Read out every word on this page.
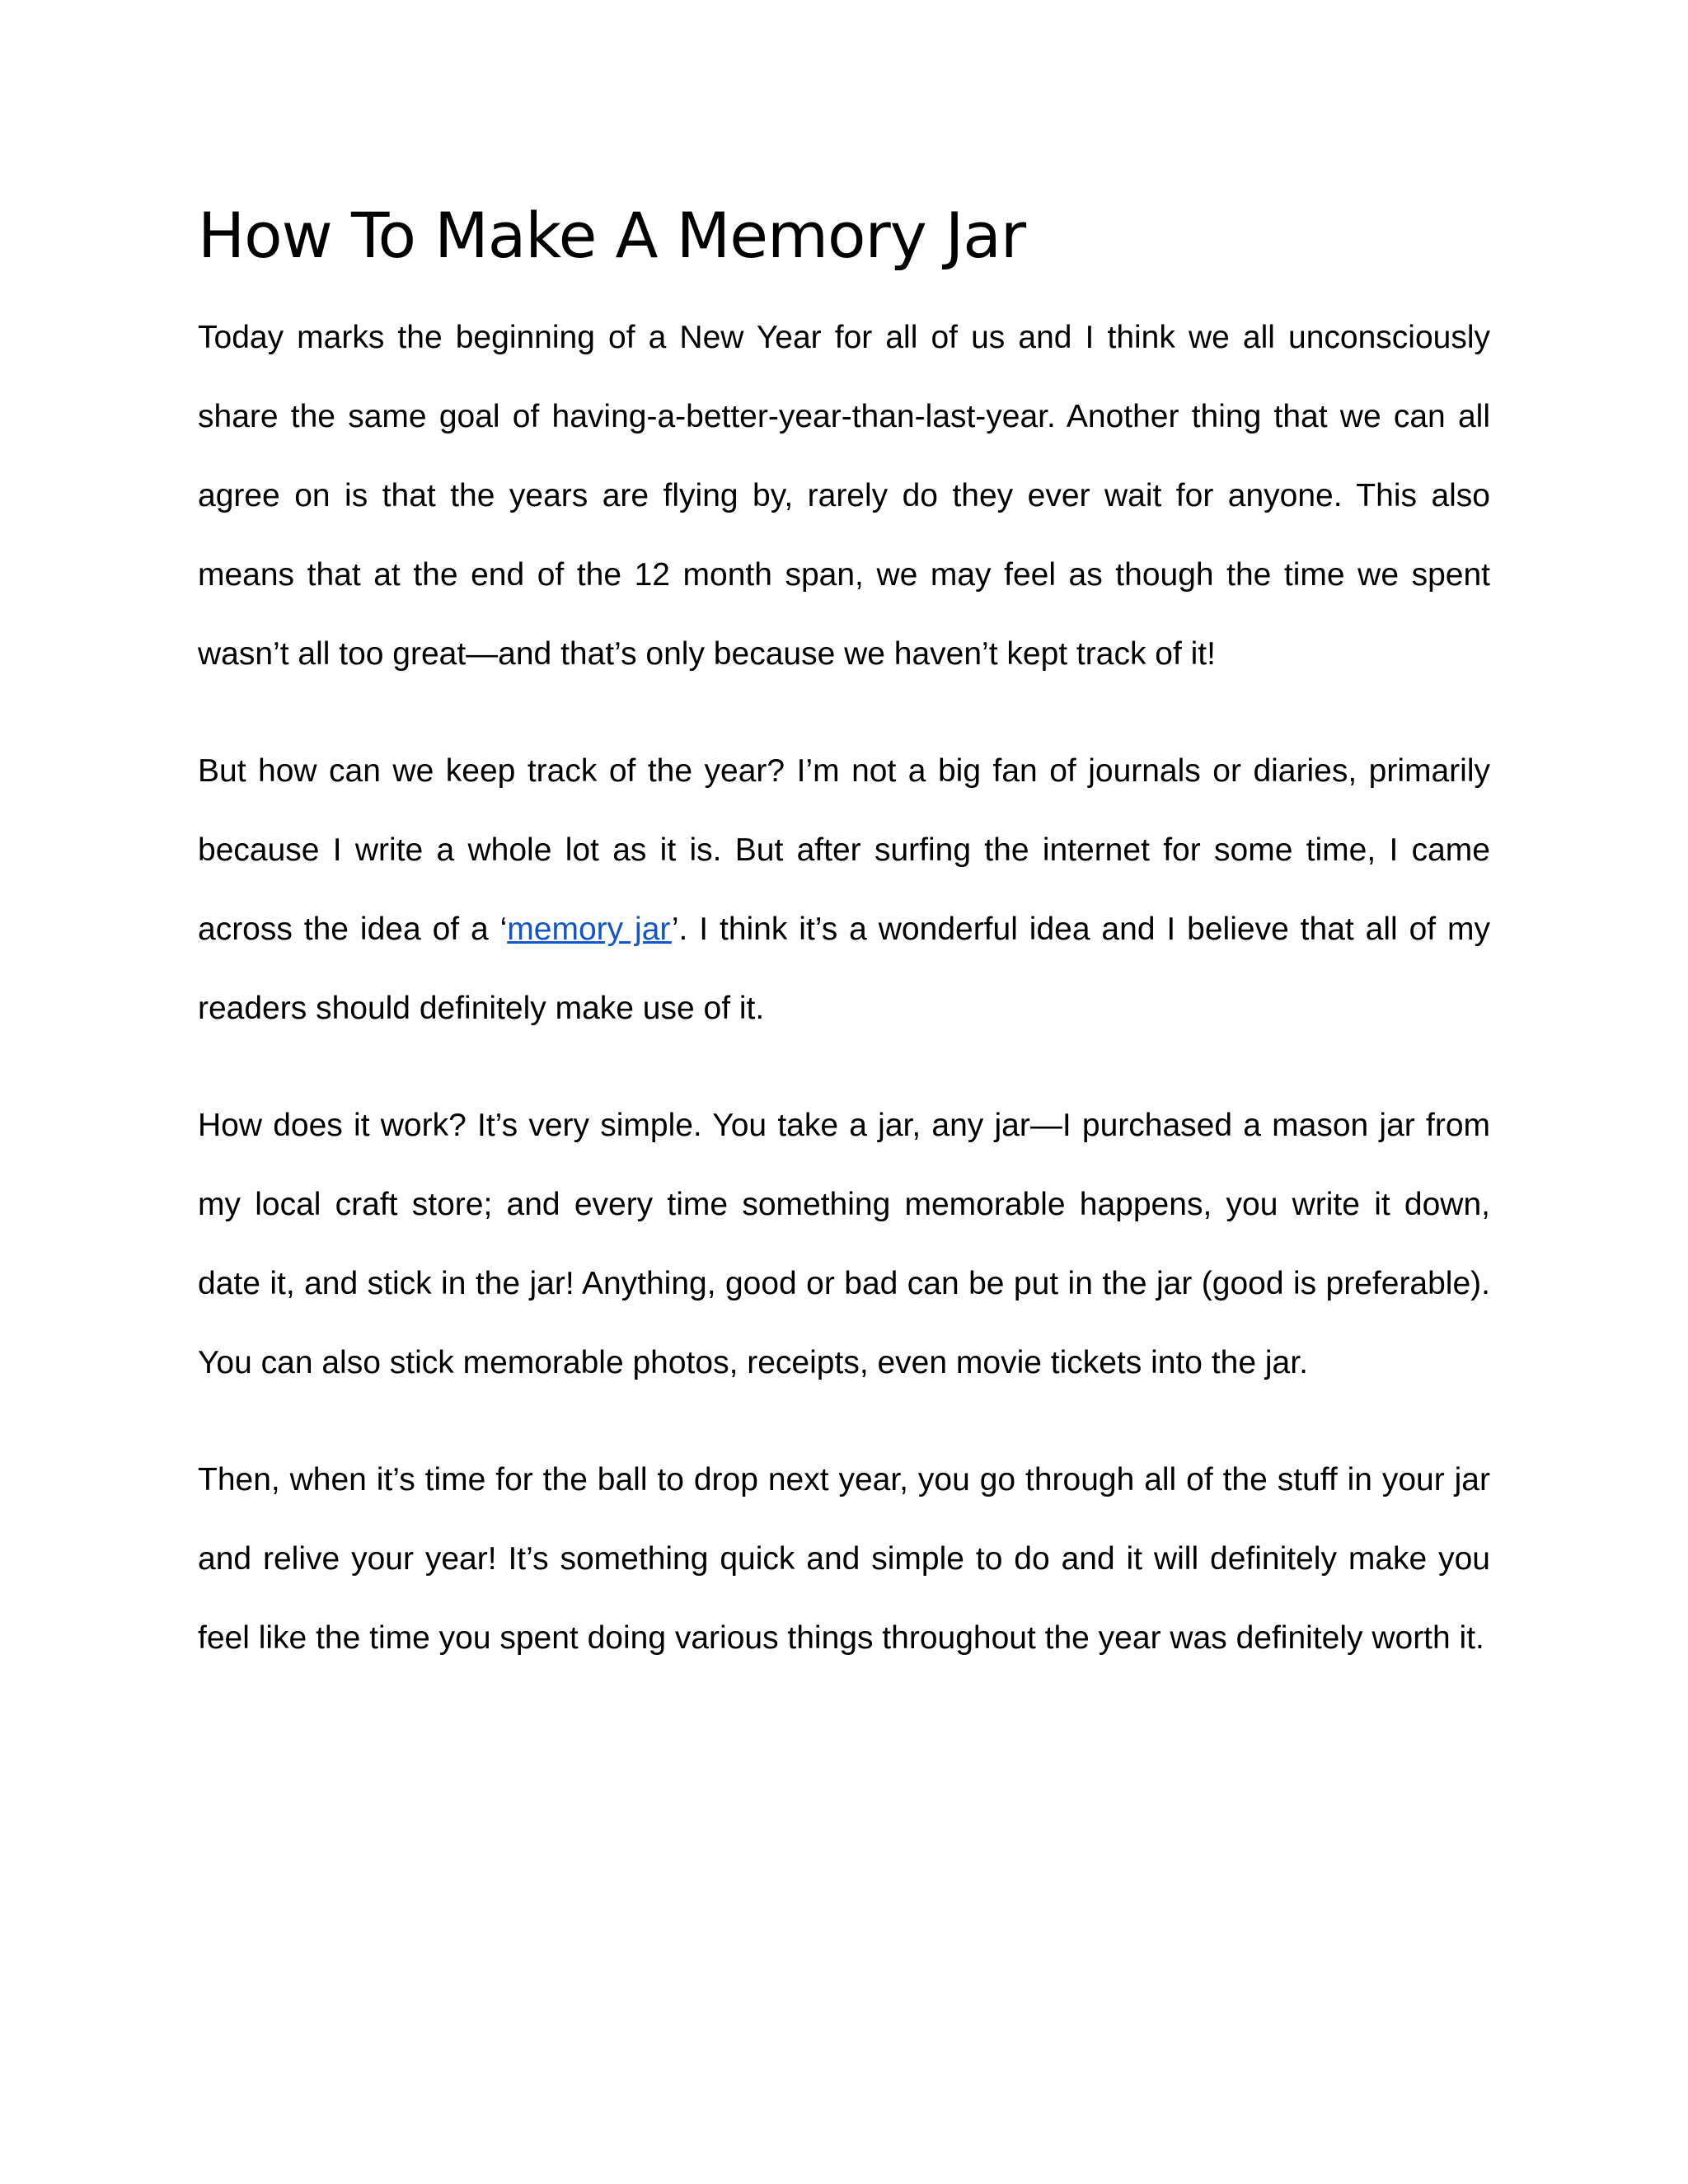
How To Make A Memory Jar

Today marks the beginning of a New Year for all of us and I think we all unconsciously share the same goal of having-a-better-year-than-last-year. Another thing that we can all agree on is that the years are flying by, rarely do they ever wait for anyone. This also means that at the end of the 12 month span, we may feel as though the time we spent wasn’t all too great—and that’s only because we haven’t kept track of it!

But how can we keep track of the year? I’m not a big fan of journals or diaries, primarily because I write a whole lot as it is. But after surfing the internet for some time, I came across the idea of a ‘memory jar’. I think it’s a wonderful idea and I believe that all of my readers should definitely make use of it.

How does it work? It’s very simple. You take a jar, any jar—I purchased a mason jar from my local craft store; and every time something memorable happens, you write it down, date it, and stick in the jar! Anything, good or bad can be put in the jar (good is preferable). You can also stick memorable photos, receipts, even movie tickets into the jar.

Then, when it’s time for the ball to drop next year, you go through all of the stuff in your jar and relive your year! It’s something quick and simple to do and it will definitely make you feel like the time you spent doing various things throughout the year was definitely worth it.
